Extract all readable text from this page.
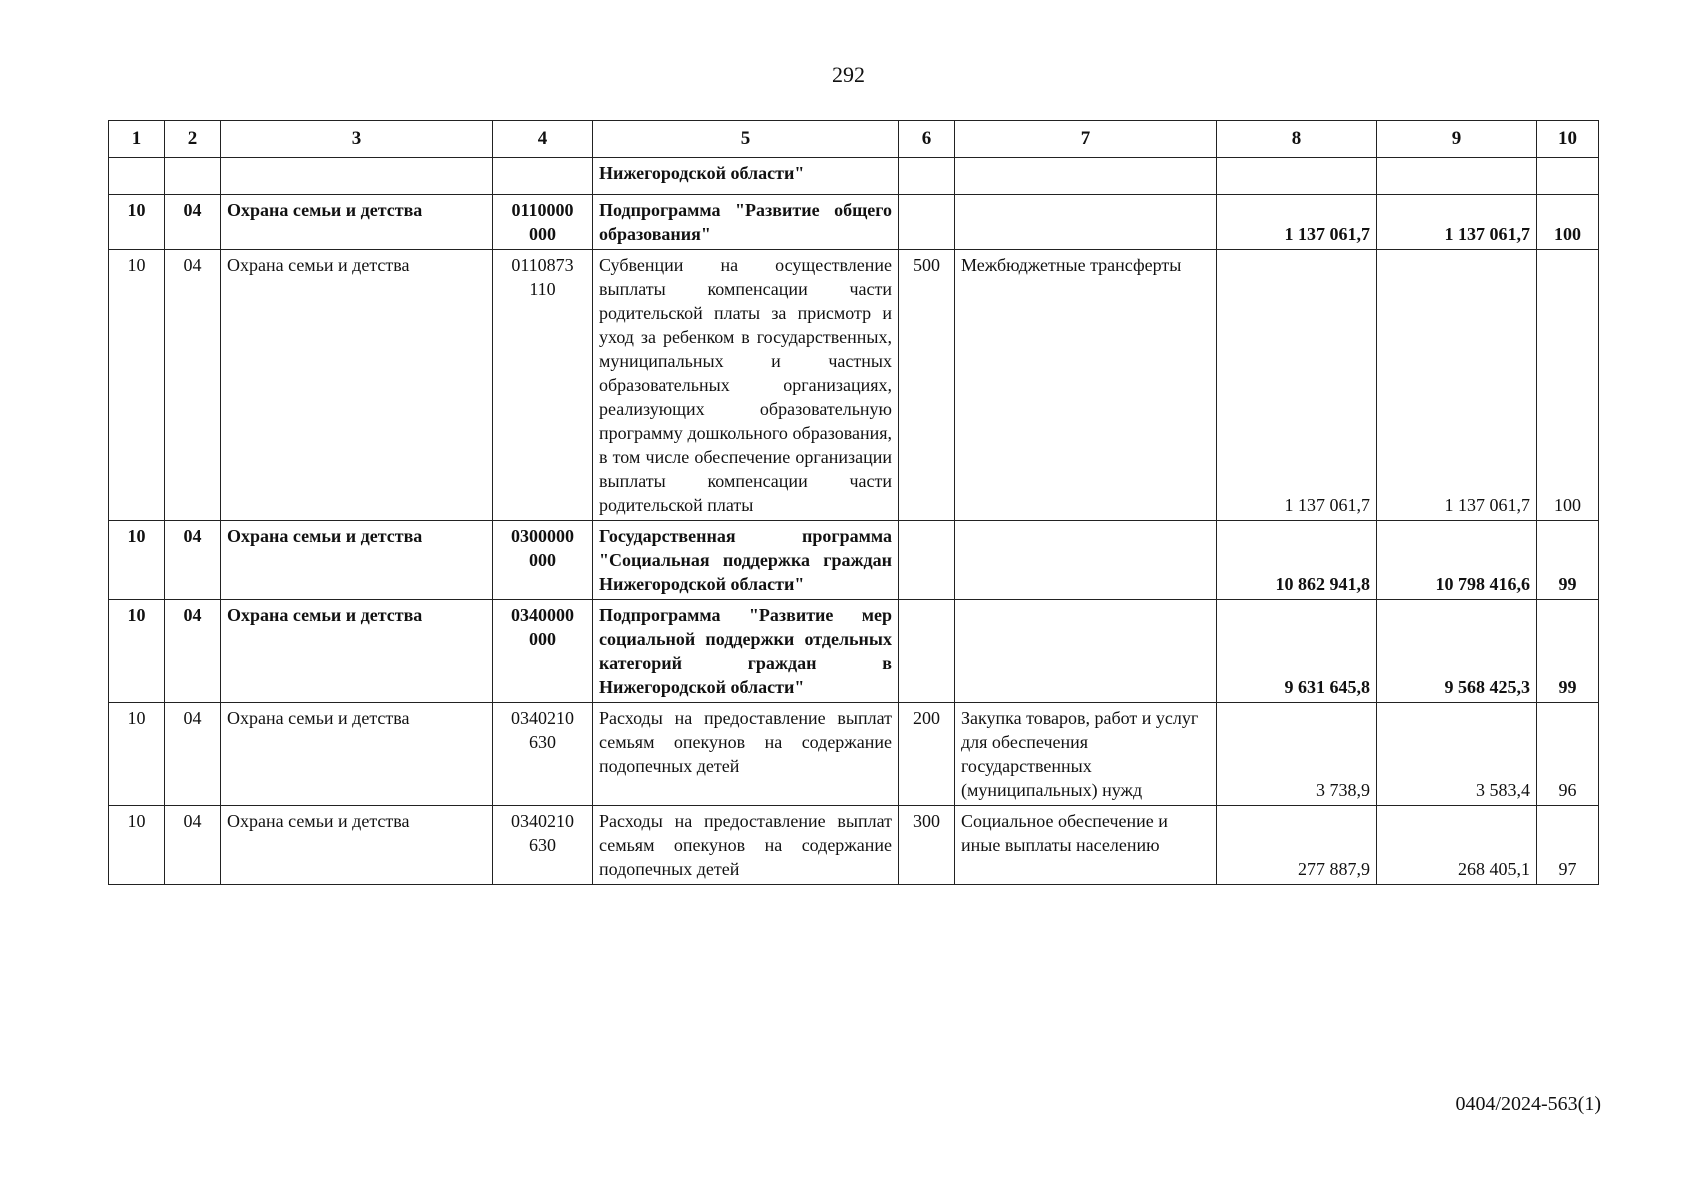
292
1	2	3	4	5	6	7	8	9	10
				Нижегородской области"					
10	04	Охрана семьи и детства	0110000 000	Подпрограмма "Развитие общего образования"			1 137 061,7	1 137 061,7	100
10	04	Охрана семьи и детства	0110873 110	Субвенции на осуществление выплаты компенсации части родительской платы за присмотр и уход за ребенком в государственных, муниципальных и частных образовательных организациях, реализующих образовательную программу дошкольного образования, в том числе обеспечение организации выплаты компенсации части родительской платы	500	Межбюджетные трансферты	1 137 061,7	1 137 061,7	100
10	04	Охрана семьи и детства	0300000 000	Государственная программа "Социальная поддержка граждан Нижегородской области"			10 862 941,8	10 798 416,6	99
10	04	Охрана семьи и детства	0340000 000	Подпрограмма "Развитие мер социальной поддержки отдельных категорий граждан в Нижегородской области"			9 631 645,8	9 568 425,3	99
10	04	Охрана семьи и детства	0340210 630	Расходы на предоставление выплат семьям опекунов на содержание подопечных детей	200	Закупка товаров, работ и услуг для обеспечения государственных (муниципальных) нужд	3 738,9	3 583,4	96
10	04	Охрана семьи и детства	0340210 630	Расходы на предоставление выплат семьям опекунов на содержание подопечных детей	300	Социальное обеспечение и иные выплаты населению	277 887,9	268 405,1	97
0404/2024-563(1)
